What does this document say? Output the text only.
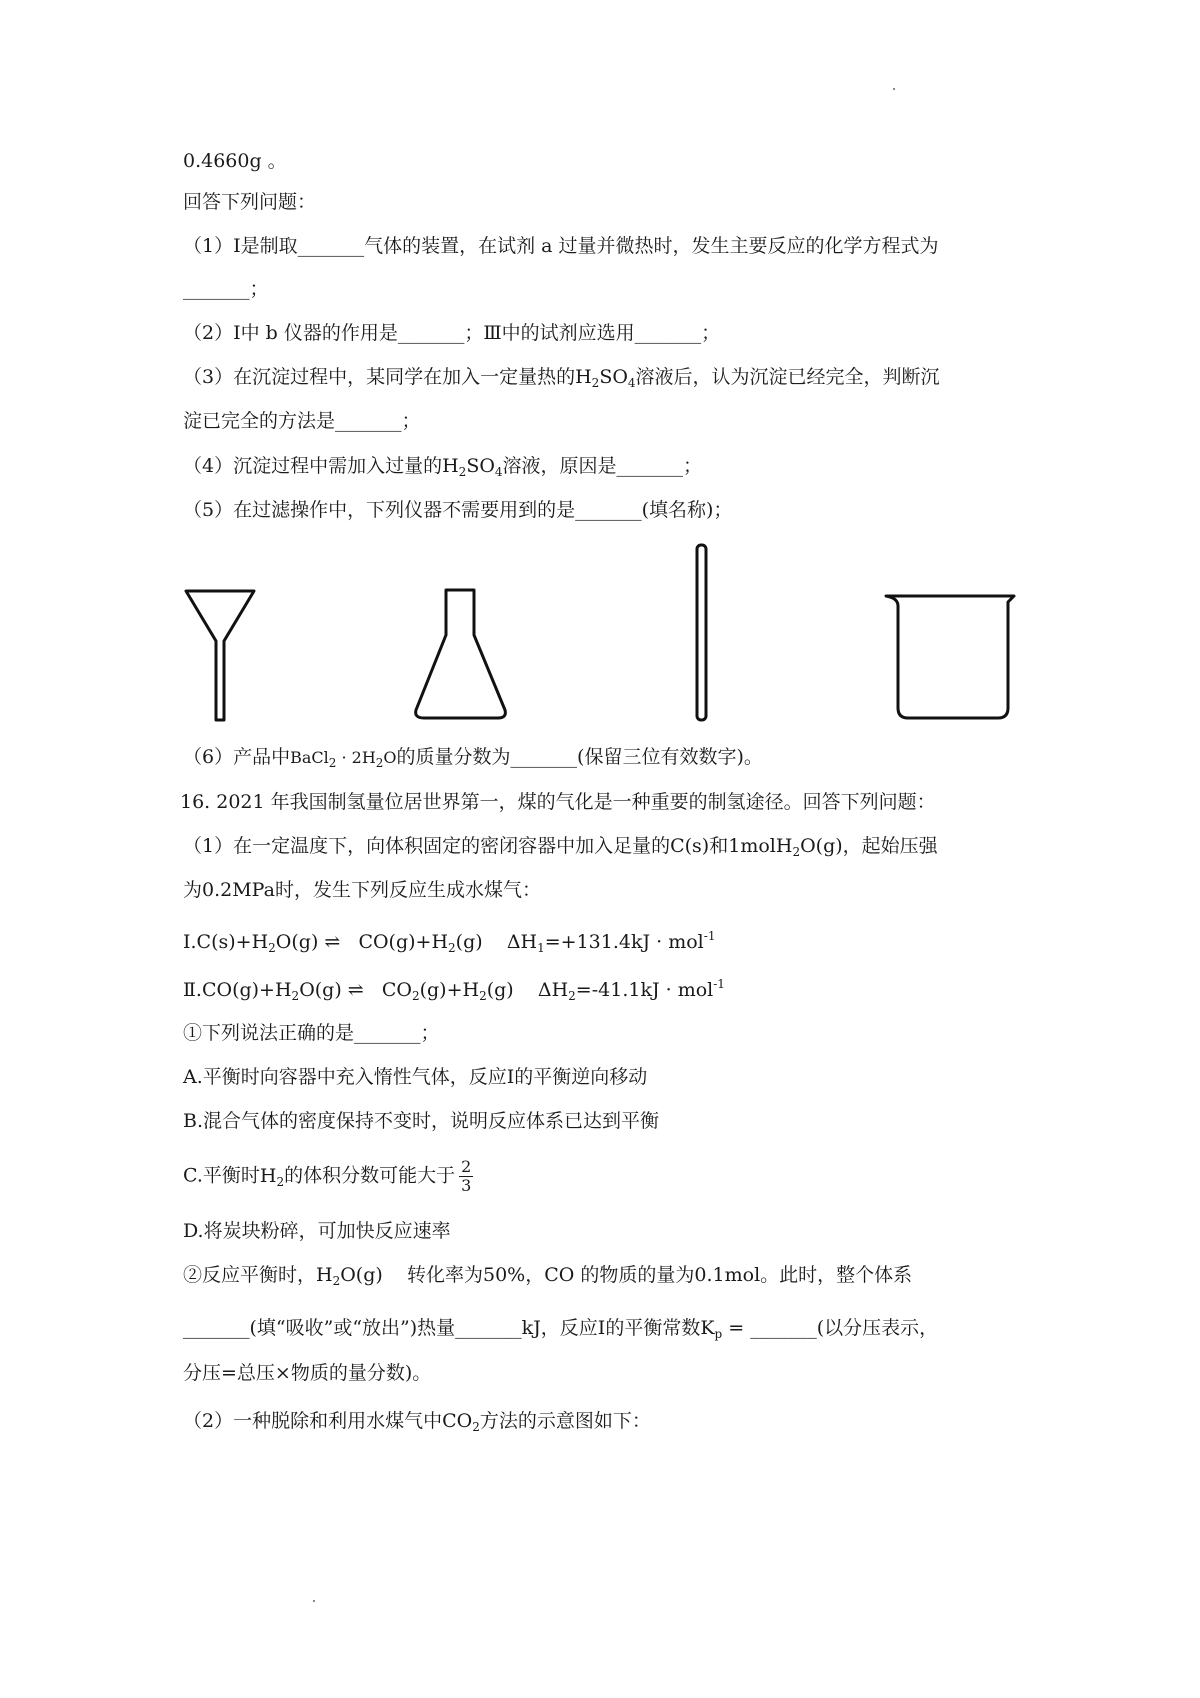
0.4660g 。
回答下列问题：
（1）Ⅰ是制取_______气体的装置，在试剂 a 过量并微热时，发生主要反应的化学方程式为
_______；
（2）Ⅰ中 b 仪器的作用是_______；Ⅲ中的试剂应选用_______；
（3）在沉淀过程中，某同学在加入一定量热的$H_2SO_4$溶液后，认为沉淀已经完全，判断沉
淀已完全的方法是_______；
（4）沉淀过程中需加入过量的$H_2SO_4$溶液，原因是_______；
（5）在过滤操作中，下列仪器不需要用到的是_______(填名称)；
（6）产品中BaCl$_2$ · $2H_2O$的质量分数为_______(保留三位有效数字)。
16. 2021 年我国制氢量位居世界第一，煤的气化是一种重要的制氢途径。回答下列问题：
（1）在一定温度下，向体积固定的密闭容器中加入足量的C(s)和1molH$_2$O(g)，起始压强
为0.2MPa时，发生下列反应生成水煤气：
$Ⅰ.C(s)+H_2O(g)$ ⇌   $CO(g)+H_2(g)$    $\Delta H_1=+131.4kJ \cdot mol^{-1}$
$Ⅱ.CO(g)+H_2O(g)$ ⇌   $CO_2(g)+H_2(g)$    $\Delta H_2=-41.1kJ \cdot mol^{-1}$
①下列说法正确的是_______；
A.平衡时向容器中充入惰性气体，反应Ⅰ的平衡逆向移动
B.混合气体的密度保持不变时，说明反应体系已达到平衡
C.平衡时$H_2$的体积分数可能大于 $\frac{2}{3}$
D.将炭块粉碎，可加快反应速率
②反应平衡时，$H_2O(g)$ 转化率为50%，CO 的物质的量为0.1mol。此时，整个体系
_______(填“吸收”或“放出”)热量_______kJ，反应Ⅰ的平衡常数$K_p$ = _______(以分压表示，
分压=总压×物质的量分数)。
（2）一种脱除和利用水煤气中$CO_2$方法的示意图如下：
